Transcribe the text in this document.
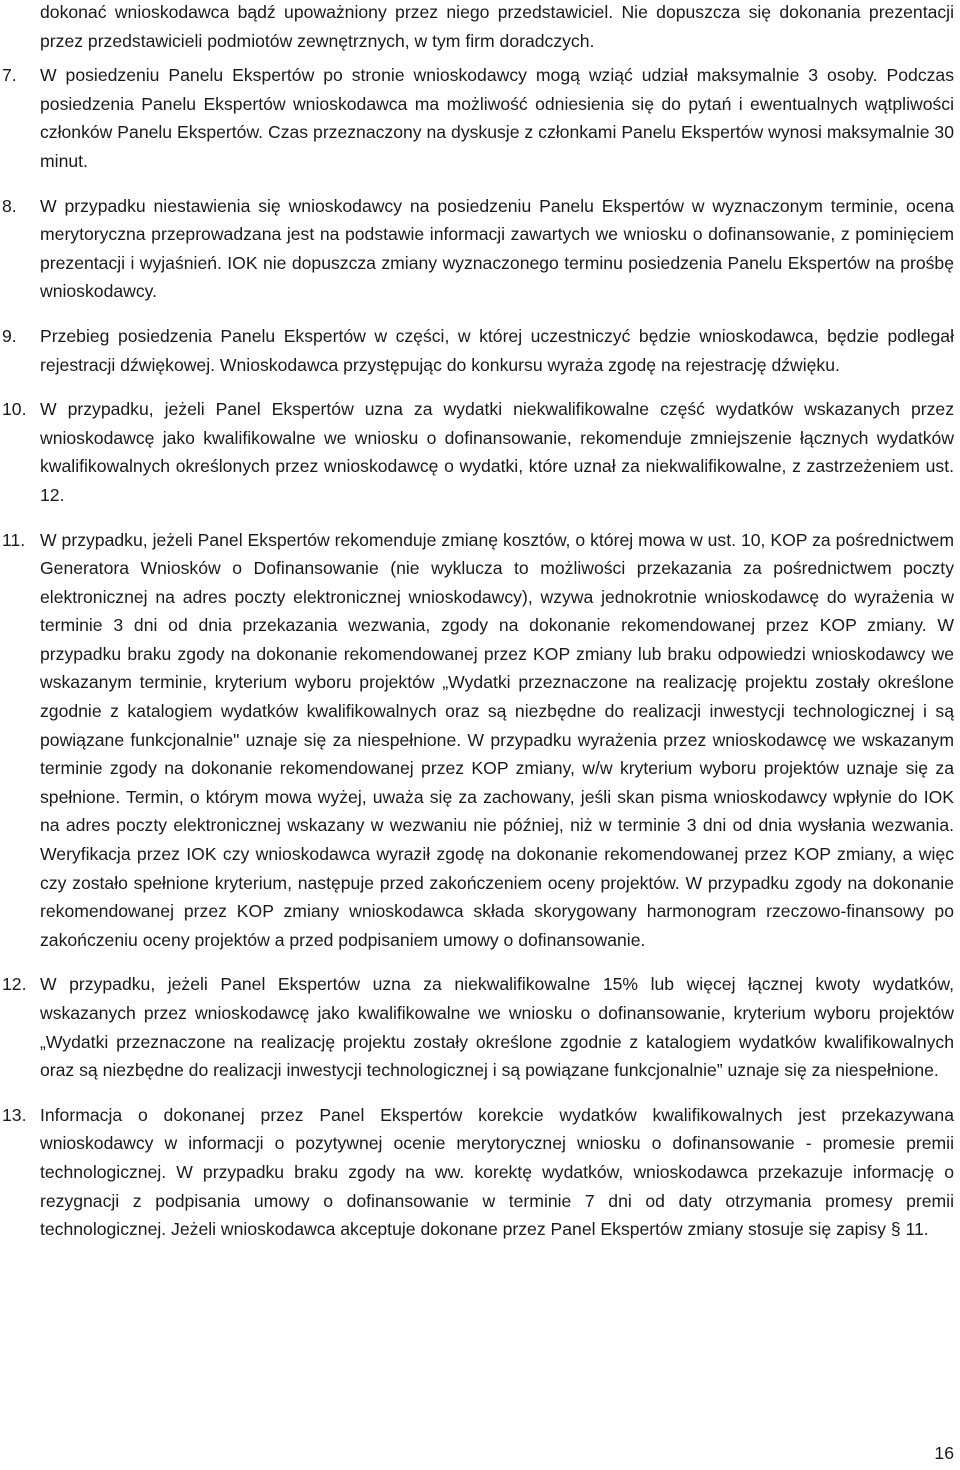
dokonać wnioskodawca bądź upoważniony przez niego przedstawiciel. Nie dopuszcza się dokonania prezentacji przez przedstawicieli podmiotów zewnętrznych, w tym firm doradczych.

7. W posiedzeniu Panelu Ekspertów po stronie wnioskodawcy mogą wziąć udział maksymalnie 3 osoby. Podczas posiedzenia Panelu Ekspertów wnioskodawca ma możliwość odniesienia się do pytań i ewentualnych wątpliwości członków Panelu Ekspertów. Czas przeznaczony na dyskusje z członkami Panelu Ekspertów wynosi maksymalnie 30 minut.
8. W przypadku niestawienia się wnioskodawcy na posiedzeniu Panelu Ekspertów w wyznaczonym terminie, ocena merytoryczna przeprowadzana jest na podstawie informacji zawartych we wniosku o dofinansowanie, z pominięciem prezentacji i wyjaśnień. IOK nie dopuszcza zmiany wyznaczonego terminu posiedzenia Panelu Ekspertów na prośbę wnioskodawcy.
9. Przebieg posiedzenia Panelu Ekspertów w części, w której uczestniczyć będzie wnioskodawca, będzie podlegał rejestracji dźwiękowej. Wnioskodawca przystępując do konkursu wyraża zgodę na rejestrację dźwięku.
10. W przypadku, jeżeli Panel Ekspertów uzna za wydatki niekwalifikowalne część wydatków wskazanych przez wnioskodawcę jako kwalifikowalne we wniosku o dofinansowanie, rekomenduje zmniejszenie łącznych wydatków kwalifikowalnych określonych przez wnioskodawcę o wydatki, które uznał za niekwalifikowalne, z zastrzeżeniem ust. 12.
11. W przypadku, jeżeli Panel Ekspertów rekomenduje zmianę kosztów, o której mowa w ust. 10, KOP za pośrednictwem Generatora Wniosków o Dofinansowanie (nie wyklucza to możliwości przekazania za pośrednictwem poczty elektronicznej na adres poczty elektronicznej wnioskodawcy), wzywa jednokrotnie wnioskodawcę do wyrażenia w terminie 3 dni od dnia przekazania wezwania, zgody na dokonanie rekomendowanej przez KOP zmiany. W przypadku braku zgody na dokonanie rekomendowanej przez KOP zmiany lub braku odpowiedzi wnioskodawcy we wskazanym terminie, kryterium wyboru projektów „Wydatki przeznaczone na realizację projektu zostały określone zgodnie z katalogiem wydatków kwalifikowalnych oraz są niezbędne do realizacji inwestycji technologicznej i są powiązane funkcjonalnie" uznaje się za niespełnione. W przypadku wyrażenia przez wnioskodawcę we wskazanym terminie zgody na dokonanie rekomendowanej przez KOP zmiany, w/w kryterium wyboru projektów uznaje się za spełnione. Termin, o którym mowa wyżej, uważa się za zachowany, jeśli skan pisma wnioskodawcy wpłynie do IOK na adres poczty elektronicznej wskazany w wezwaniu nie później, niż w terminie 3 dni od dnia wysłania wezwania. Weryfikacja przez IOK czy wnioskodawca wyraził zgodę na dokonanie rekomendowanej przez KOP zmiany, a więc czy zostało spełnione kryterium, następuje przed zakończeniem oceny projektów. W przypadku zgody na dokonanie rekomendowanej przez KOP zmiany wnioskodawca składa skorygowany harmonogram rzeczowo-finansowy po zakończeniu oceny projektów a przed podpisaniem umowy o dofinansowanie.
12. W przypadku, jeżeli Panel Ekspertów uzna za niekwalifikowalne 15% lub więcej łącznej kwoty wydatków, wskazanych przez wnioskodawcę jako kwalifikowalne we wniosku o dofinansowanie, kryterium wyboru projektów „Wydatki przeznaczone na realizację projektu zostały określone zgodnie z katalogiem wydatków kwalifikowalnych oraz są niezbędne do realizacji inwestycji technologicznej i są powiązane funkcjonalnie” uznaje się za niespełnione.
13. Informacja o dokonanej przez Panel Ekspertów korekcie wydatków kwalifikowalnych jest przekazywana wnioskodawcy w informacji o pozytywnej ocenie merytorycznej wniosku o dofinansowanie - promesie premii technologicznej. W przypadku braku zgody na ww. korektę wydatków, wnioskodawca przekazuje informację o rezygnacji z podpisania umowy o dofinansowanie w terminie 7 dni od daty otrzymania promesy premii technologicznej. Jeżeli wnioskodawca akceptuje dokonane przez Panel Ekspertów zmiany stosuje się zapisy § 11.
16
